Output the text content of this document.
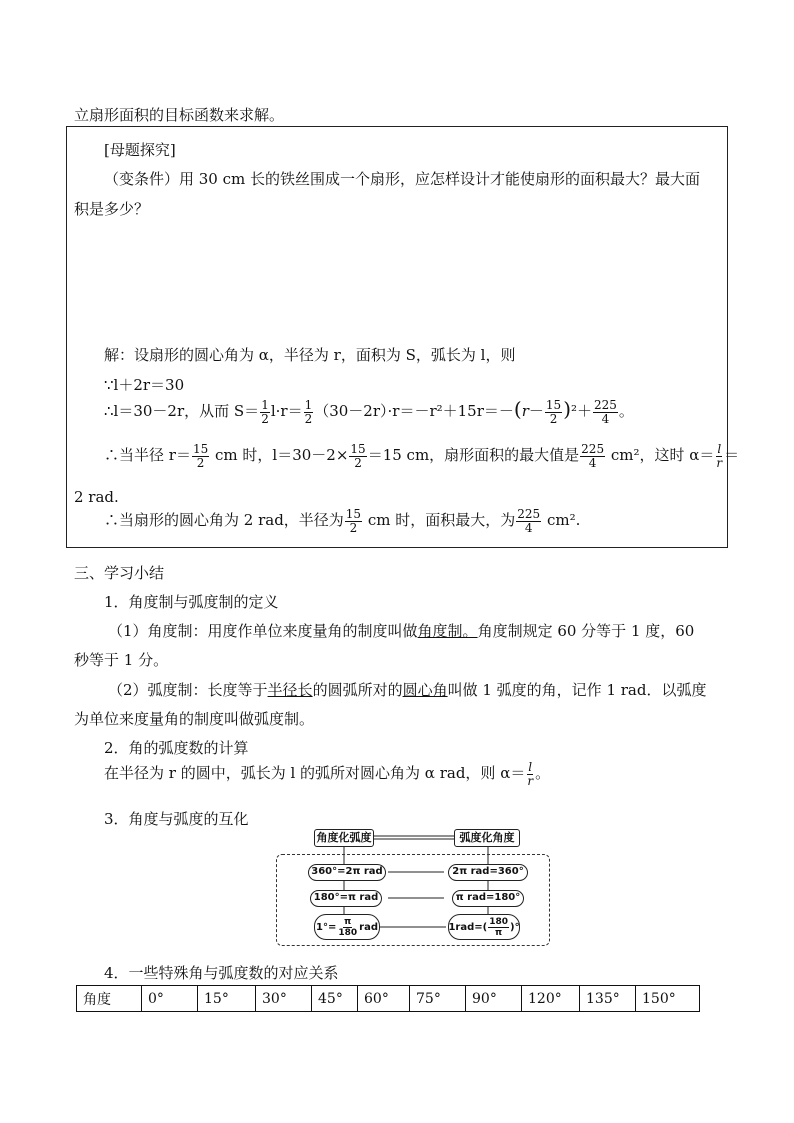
立扇形面积的目标函数来求解。
[母题探究]
（变条件）用 30 cm 长的铁丝围成一个扇形，应怎样设计才能使扇形的面积最大？最大面
积是多少？
解：设扇形的圆心角为 α，半径为 r，面积为 S，弧长为 l，则
∵l＋2r＝30
∴l＝30－2r，从而 $S= \frac{1}{2} l\cdot r= \frac{1}{2} (30-2r)\cdot r=-r^2+15r=-(r- \frac{15}{2} )^2+ \frac{225}{4}$ 。
∴当半径 $r= \frac{15}{2}$ cm 时，$l=30-2\times \frac{15}{2} =15$ cm，扇形面积的最大值是 $\frac{225}{4} cm^2$，这时 $\alpha= \frac{l}{r}$ ＝
2 rad.
∴当扇形的圆心角为 2 rad，半径为 $\frac{15}{2}$ cm 时，面积最大，为 $\frac{225}{4} cm^2$.
三、学习小结
1．角度制与弧度制的定义
（1）角度制：用度作单位来度量角的制度叫做角度制。角度制规定 60 分等于 1 度，60
秒等于 1 分。
（2）弧度制：长度等于半径长的圆弧所对的圆心角叫做 1 弧度的角，记作 1 rad．以弧度
为单位来度量角的制度叫做弧度制。
2．角的弧度数的计算
在半径为 r 的圆中，弧长为 l 的弧所对圆心角为 α rad，则 $\alpha= \frac{l}{r}$ 。
3．角度与弧度的互化
角度化弧度	弧度化角度
360°=2π rad	2π rad=360°
180°=π rad	π rad=180°
$1^\circ= \frac{\pi}{180}$ rad	1rad= ( $\frac{180}{\pi}$ ) °
4．一些特殊角与弧度数的对应关系
角度	0°	15°	30°	45°	60°	75°	90°	120°	135°	150°
